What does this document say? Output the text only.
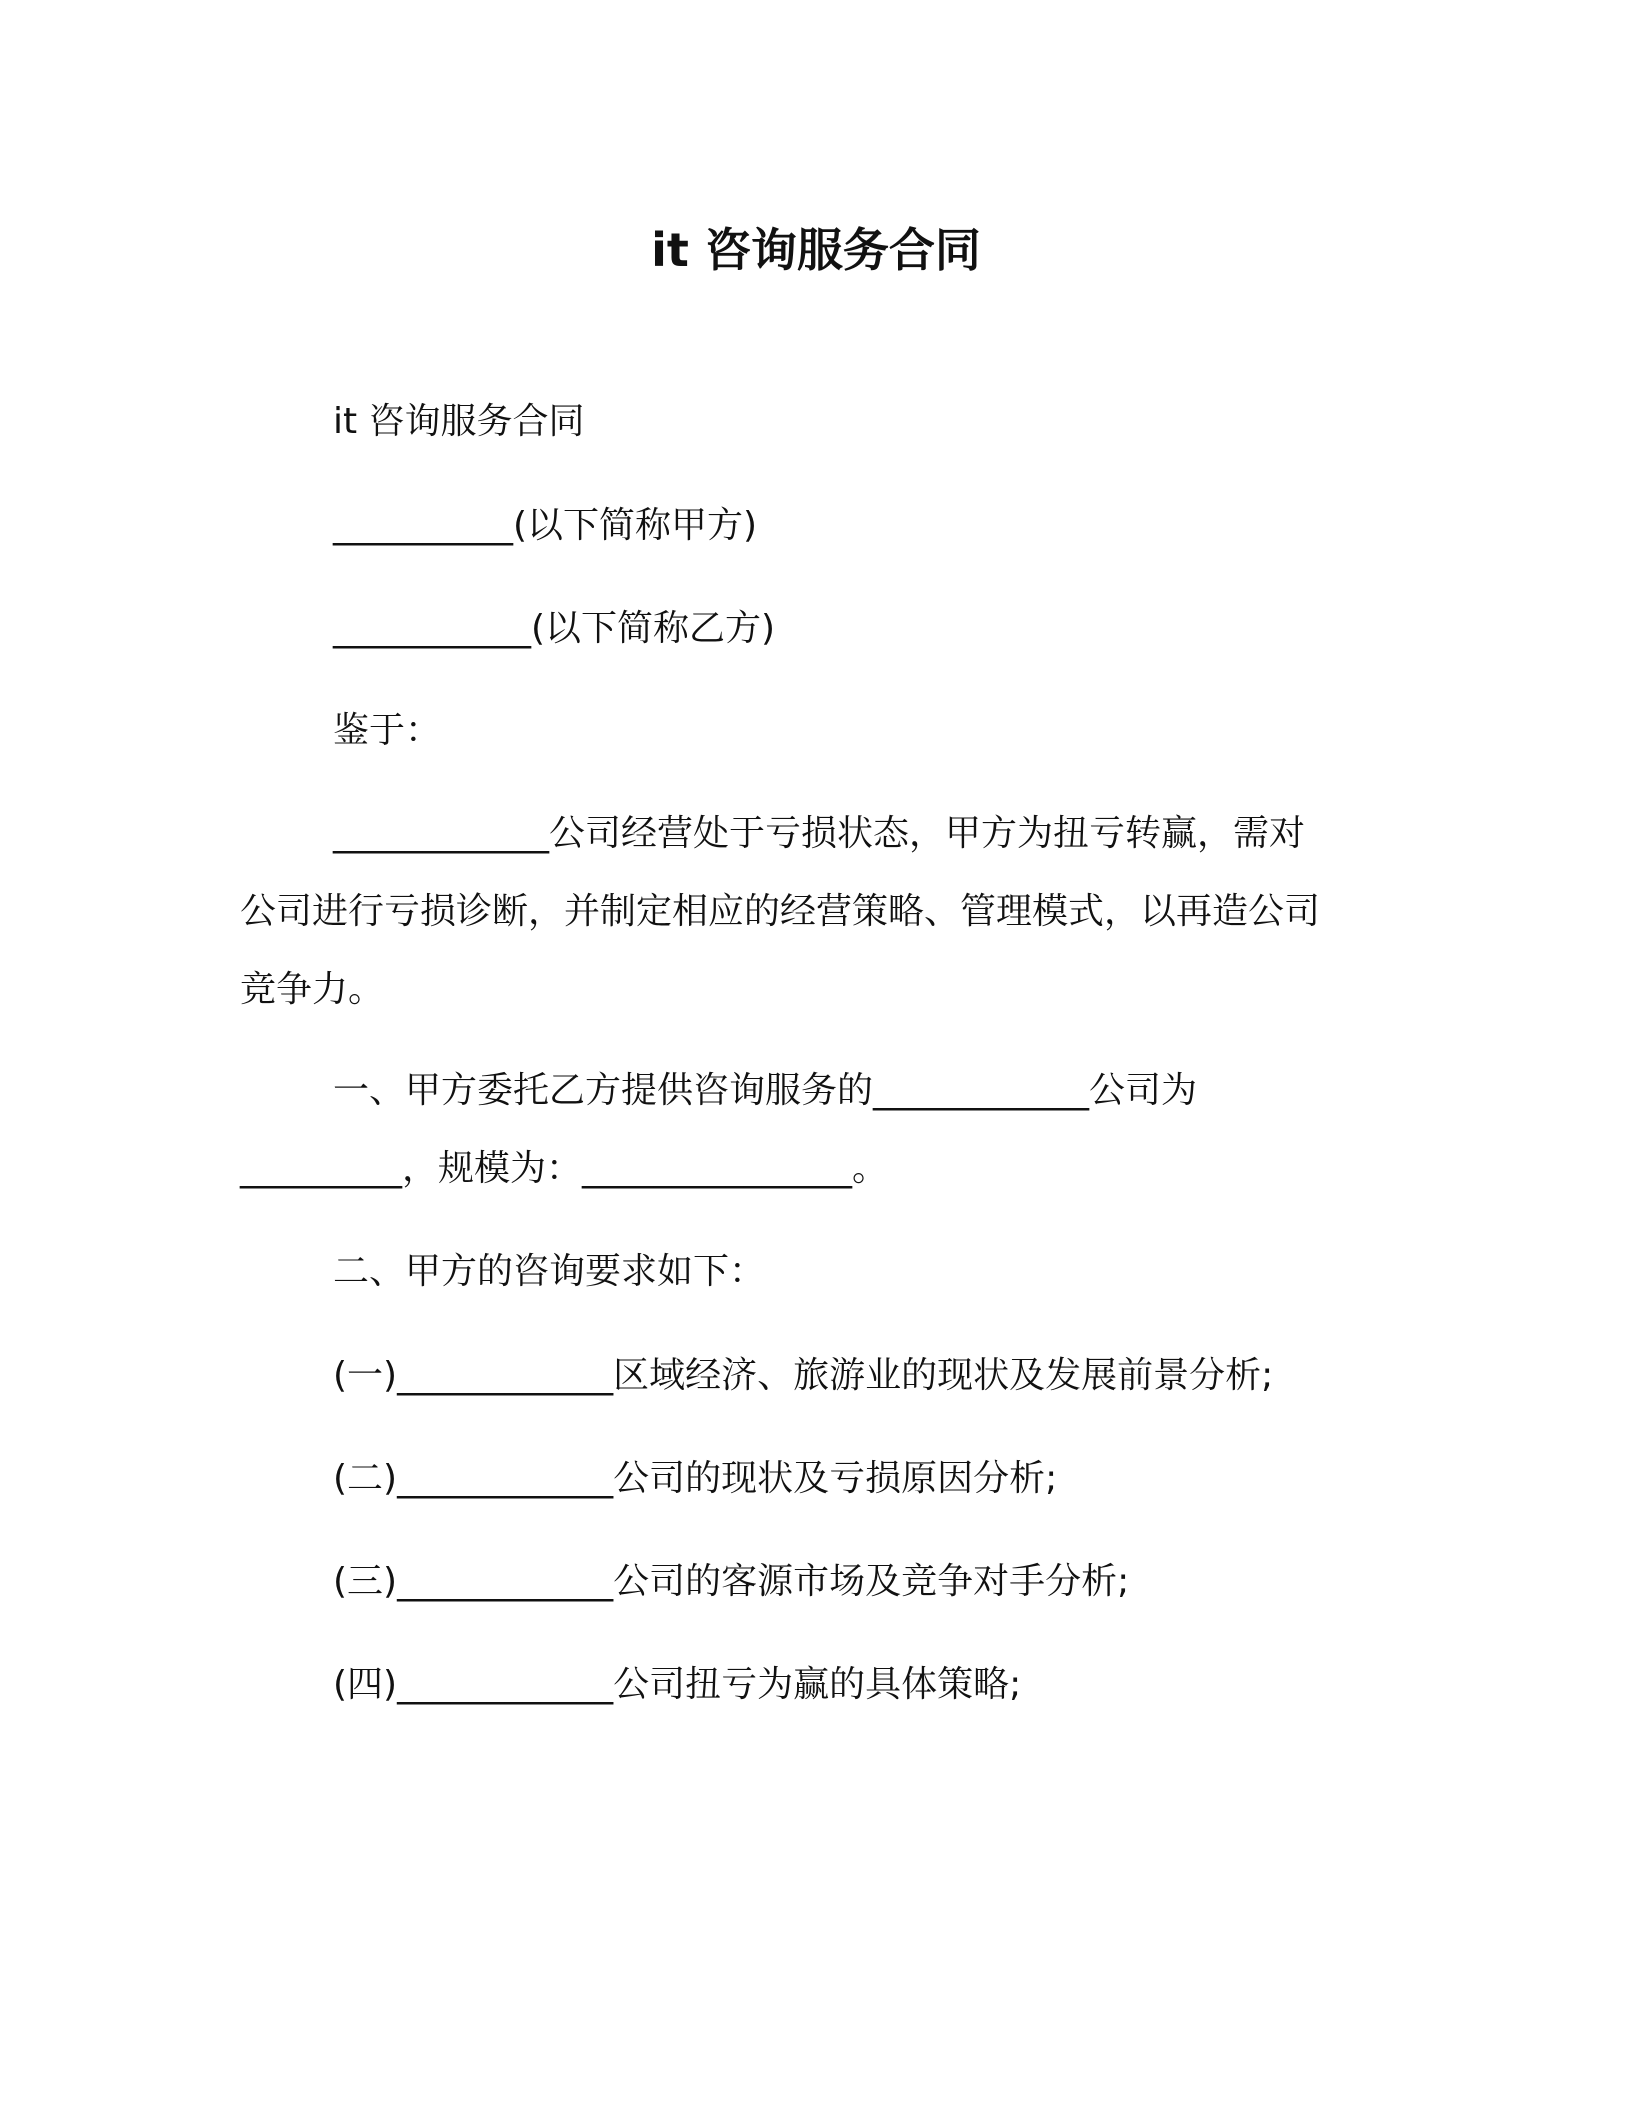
it 咨询服务合同
it 咨询服务合同
__________(以下简称甲方)
___________(以下简称乙方)
鉴于：
____________公司经营处于亏损状态，甲方为扭亏转赢，需对
公司进行亏损诊断，并制定相应的经营策略、管理模式，以再造公司
竞争力。
一、甲方委托乙方提供咨询服务的____________公司为
_________，规模为：_______________。
二、甲方的咨询要求如下：
(一)____________区域经济、旅游业的现状及发展前景分析;
(二)____________公司的现状及亏损原因分析;
(三)____________公司的客源市场及竞争对手分析;
(四)____________公司扭亏为赢的具体策略;
